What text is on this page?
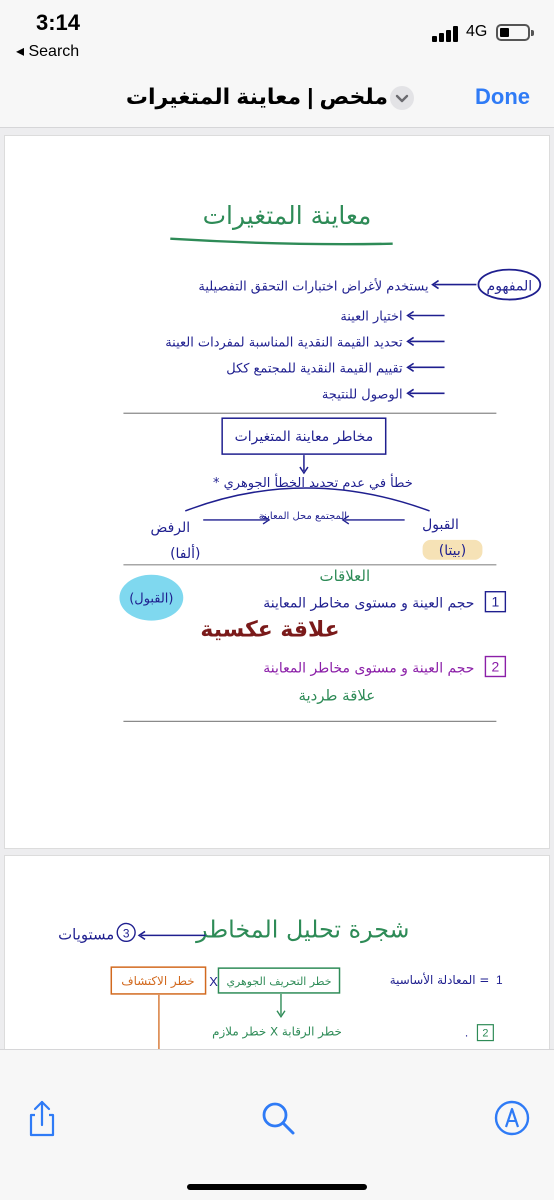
3:14
◂ Search
4G
ملخص | معاينة المتغيرات	Done
معاينة المتغيرات
المفهوم
يستخدم لأغراض اختبارات التحقق التفصيلية
اختيار العينة
تحديد القيمة النقدية المناسبة لمفردات العينة
تقييم القيمة النقدية للمجتمع ككل
الوصول للنتيجة
مخاطر معاينة المتغيرات
* خطأ في عدم تحديد الخطأ الجوهري
الرفض
المجتمع محل المعاينة
القبول
(ألفا)	(بيتا)
العلاقات
1
حجم العينة و مستوى مخاطر المعاينة
(القبول)
علاقة عكسية
2
حجم العينة و مستوى مخاطر المعاينة
علاقة طردية
شجرة تحليل المخاطر
3
مستويات
1
المعادلة الأساسية =
خطر التحريف الجوهري
X
خطر الاكتشاف
خطر ملازم X خطر الرقابة	2
.
